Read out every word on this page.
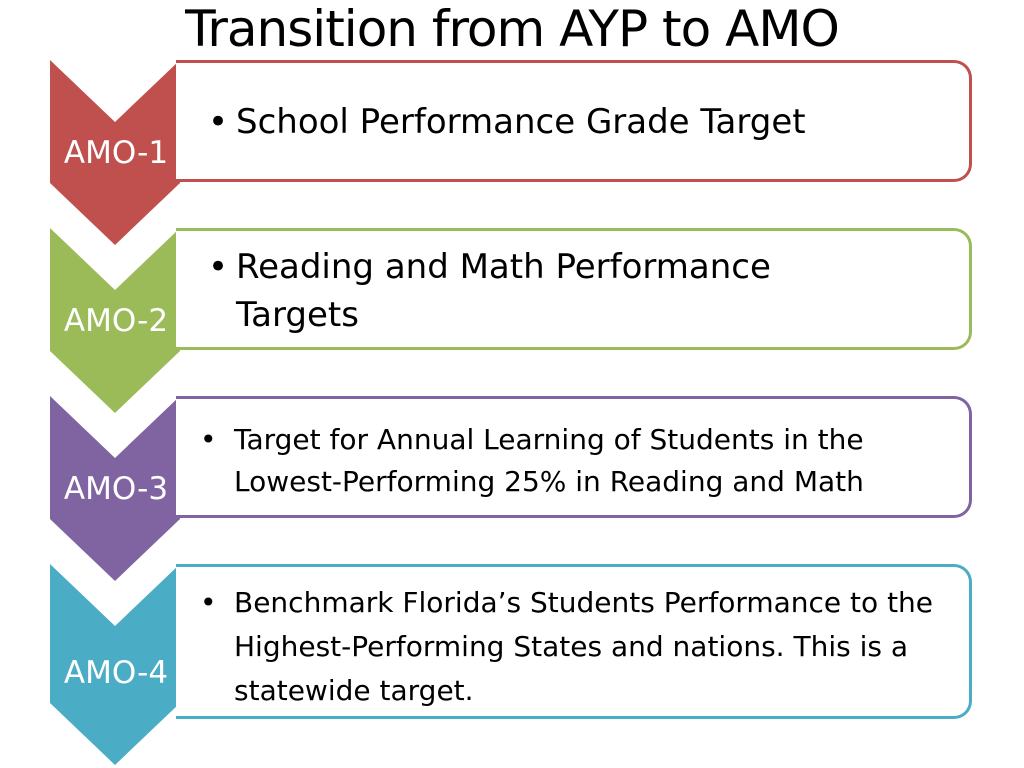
Transition from AYP to AMO
AMO-1
AMO-2
AMO-3
AMO-4
• School Performance Grade Target
• Reading and Math Performance Targets
• Target for Annual Learning of Students in the Lowest-Performing 25% in Reading and Math
• Benchmark Florida’s Students Performance to the Highest-Performing States and nations. This is a statewide target.
